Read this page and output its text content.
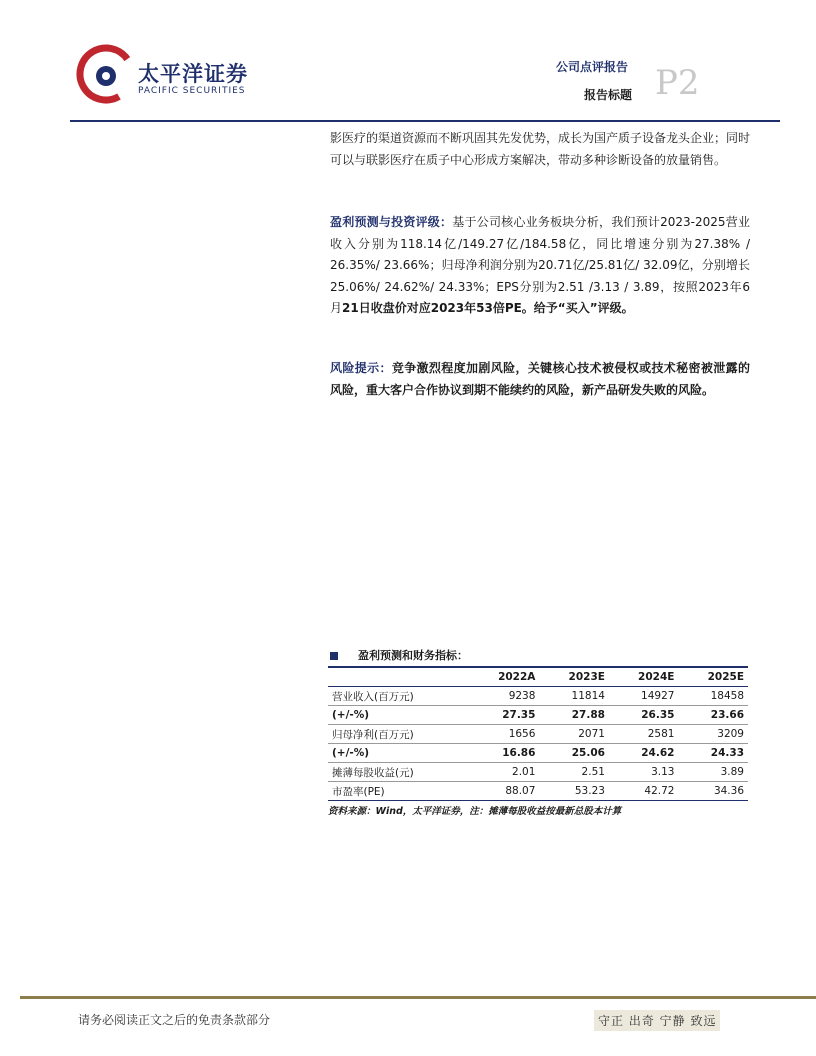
太平洋证券
PACIFIC SECURITIES
公司点评报告
报告标题 P2
影医疗的渠道资源而不断巩固其先发优势，成长为国产质子设备龙头企业；同时可以与联影医疗在质子中心形成方案解决，带动多种诊断设备的放量销售。
盈利预测与投资评级：基于公司核心业务板块分析，我们预计2023-2025营业收入分别为118.14亿/149.27亿/184.58亿，同比增速分别为27.38% / 26.35%/ 23.66%；归母净利润分别为20.71亿/25.81亿/ 32.09亿，分别增长25.06%/ 24.62%/ 24.33%；EPS分别为2.51 /3.13 / 3.89，按照2023年6月21日收盘价对应2023年53倍PE。给予“买入”评级。
风险提示：竞争激烈程度加剧风险，关键核心技术被侵权或技术秘密被泄露的风险，重大客户合作协议到期不能续约的风险，新产品研发失败的风险。
盈利预测和财务指标：
	2022A	2023E	2024E	2025E
营业收入(百万元)	9238	11814	14927	18458
(+/-%)	27.35	27.88	26.35	23.66
归母净利(百万元)	1656	2071	2581	3209
(+/-%)	16.86	25.06	24.62	24.33
摊薄每股收益(元)	2.01	2.51	3.13	3.89
市盈率(PE)	88.07	53.23	42.72	34.36
资料来源：Wind，太平洋证券，注：摊薄每股收益按最新总股本计算
请务必阅读正文之后的免责条款部分	守正 出奇 宁静 致远
